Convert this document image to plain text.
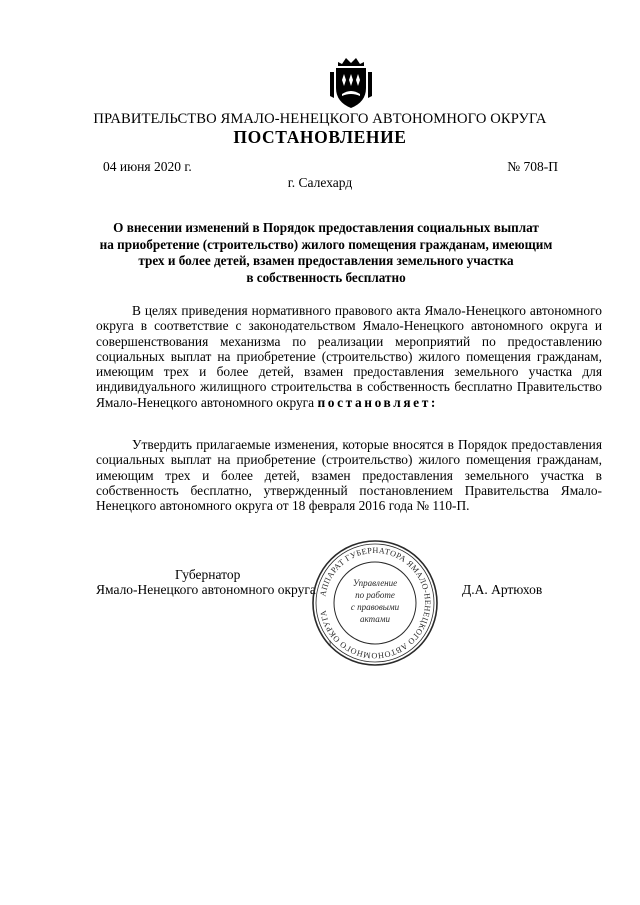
ПРАВИТЕЛЬСТВО ЯМАЛО-НЕНЕЦКОГО АВТОНОМНОГО ОКРУГА
ПОСТАНОВЛЕНИЕ
04 июня 2020 г.	№ 708-П
г. Салехард
О внесении изменений в Порядок предоставления социальных выплат
на приобретение (строительство) жилого помещения гражданам, имеющим
трех и более детей, взамен предоставления земельного участка
в собственность бесплатно
В целях приведения нормативного правового акта Ямало-Ненецкого автономного округа в соответствие с законодательством Ямало-Ненецкого автономного округа и совершенствования механизма по реализации мероприятий по предоставлению социальных выплат на приобретение (строительство) жилого помещения гражданам, имеющим трех и более детей, взамен предоставления земельного участка для индивидуального жилищного строительства в собственность бесплатно Правительство Ямало-Ненецкого автономного округа постановляет:
Утвердить прилагаемые изменения, которые вносятся в Порядок предоставления социальных выплат на приобретение (строительство) жилого помещения гражданам, имеющим трех и более детей, взамен предоставления земельного участка в собственность бесплатно, утвержденный постановлением Правительства Ямало-Ненецкого автономного округа от 18 февраля 2016 года № 110-П.
Губернатор
Ямало-Ненецкого автономного округа	Д.А. Артюхов
АППАРАТ ГУБЕРНАТОРА ЯМАЛО-НЕНЕЦКОГО АВТОНОМНОГО ОКРУГА
Управление
по работе
с правовыми
актами
1
